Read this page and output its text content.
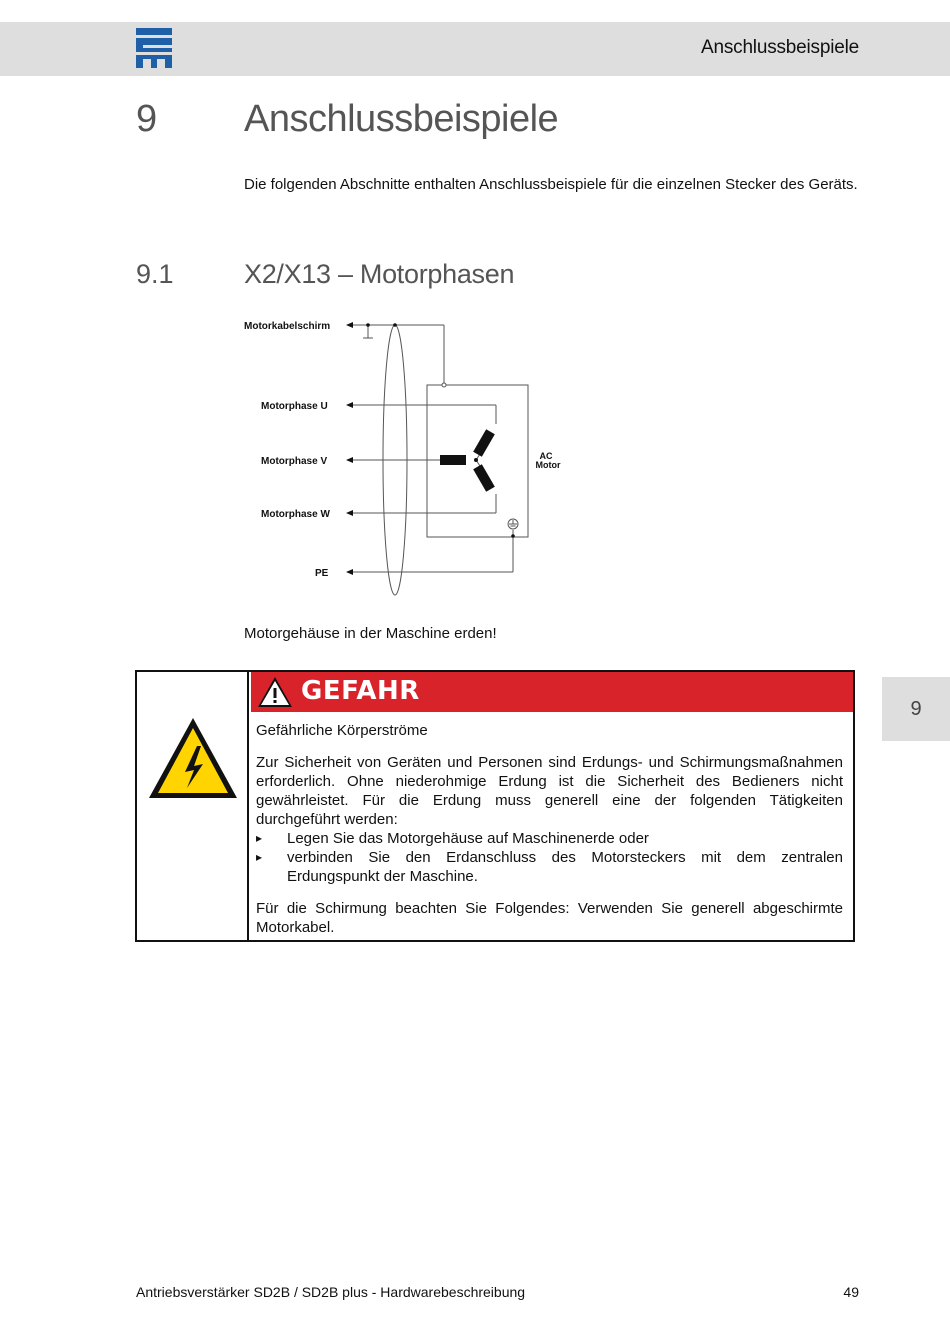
Anschlussbeispiele
9 Anschlussbeispiele
Die folgenden Abschnitte enthalten Anschlussbeispiele für die einzelnen Stecker des Geräts.
9.1	X2/X13 – Motorphasen
Motorkabelschirm
Motorphase U
Motorphase V
Motorphase W
PE
AC
Motor
Motorgehäuse in der Maschine erden!
9
GEFAHR
Gefährliche Körperströme

Zur Sicherheit von Geräten und Personen sind Erdungs- und Schirmungsmaßnahmen erforderlich. Ohne niederohmige Erdung ist die Sicherheit des Bedieners nicht gewährleistet. Für die Erdung muss generell eine der folgenden Tätigkeiten durchgeführt werden:

▸ Legen Sie das Motorgehäuse auf Maschinenerde oder
▸ verbinden Sie den Erdanschluss des Motorsteckers mit dem zentralen Erdungspunkt der Maschine.

Für die Schirmung beachten Sie Folgendes: Verwenden Sie generell abgeschirmte Motorkabel.

Antriebsverstärker SD2B / SD2B plus - Hardwarebeschreibung	49
